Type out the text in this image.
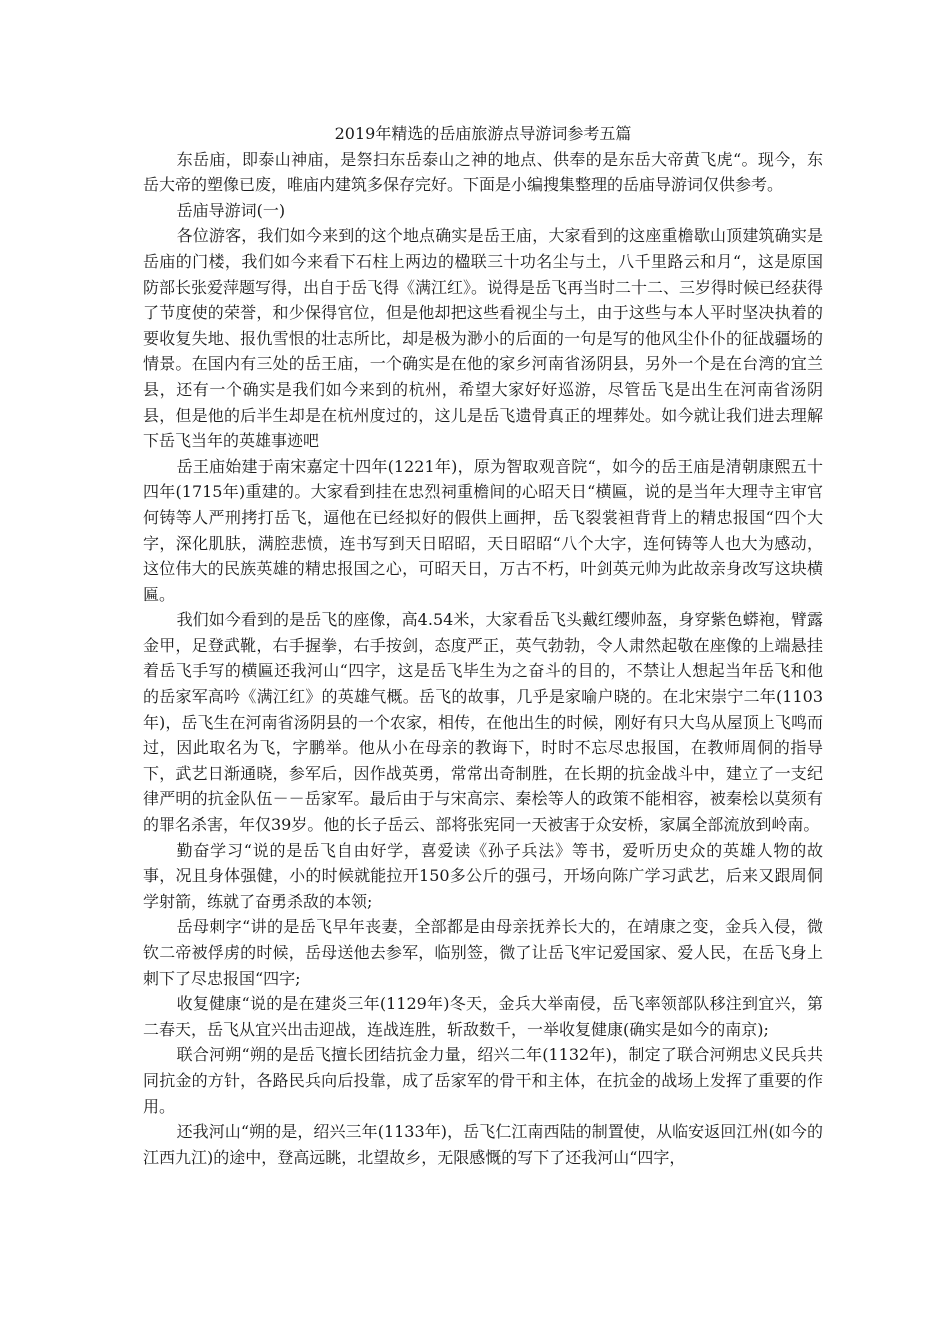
2019年精选的岳庙旅游点导游词参考五篇

东岳庙，即泰山神庙，是祭扫东岳泰山之神的地点、供奉的是东岳大帝黄飞虎“。现今，东岳大帝的塑像已废，唯庙内建筑多保存完好。下面是小编搜集整理的岳庙导游词仅供参考。

岳庙导游词(一)

各位游客，我们如今来到的这个地点确实是岳王庙，大家看到的这座重檐歇山顶建筑确实是岳庙的门楼，我们如今来看下石柱上两边的楹联三十功名尘与土，八千里路云和月“，这是原国防部长张爱萍题写得，出自于岳飞得《满江红》。说得是岳飞再当时二十二、三岁得时候已经获得了节度使的荣誉，和少保得官位，但是他却把这些看视尘与土，由于这些与本人平时坚决执着的要收复失地、报仇雪恨的壮志所比，却是极为渺小的后面的一句是写的他风尘仆仆的征战疆场的情景。在国内有三处的岳王庙，一个确实是在他的家乡河南省汤阴县，另外一个是在台湾的宜兰县，还有一个确实是我们如今来到的杭州，希望大家好好巡游，尽管岳飞是出生在河南省汤阴县，但是他的后半生却是在杭州度过的，这儿是岳飞遗骨真正的埋葬处。如今就让我们进去理解下岳飞当年的英雄事迹吧

岳王庙始建于南宋嘉定十四年(1221年)，原为智取观音院“，如今的岳王庙是清朝康熙五十四年(1715年)重建的。大家看到挂在忠烈祠重檐间的心昭天日“横匾，说的是当年大理寺主审官何铸等人严刑拷打岳飞，逼他在已经拟好的假供上画押，岳飞裂裳袒背背上的精忠报国“四个大字，深化肌肤，满腔悲愤，连书写到天日昭昭，天日昭昭“八个大字，连何铸等人也大为感动，这位伟大的民族英雄的精忠报国之心，可昭天日，万古不朽，叶剑英元帅为此故亲身改写这块横匾。

我们如今看到的是岳飞的座像，高4.54米，大家看岳飞头戴红缨帅盔，身穿紫色蟒袍，臂露金甲，足登武靴，右手握拳，右手按剑，态度严正，英气勃勃，令人肃然起敬在座像的上端悬挂着岳飞手写的横匾还我河山“四字，这是岳飞毕生为之奋斗的目的，不禁让人想起当年岳飞和他的岳家军高吟《满江红》的英雄气概。岳飞的故事，几乎是家喻户晓的。在北宋崇宁二年(1103年)，岳飞生在河南省汤阴县的一个农家，相传，在他出生的时候，刚好有只大鸟从屋顶上飞鸣而过，因此取名为飞，字鹏举。他从小在母亲的教诲下，时时不忘尽忠报国，在教师周侗的指导下，武艺日渐通晓，参军后，因作战英勇，常常出奇制胜，在长期的抗金战斗中，建立了一支纪律严明的抗金队伍－－岳家军。最后由于与宋高宗、秦桧等人的政策不能相容，被秦桧以莫须有的罪名杀害，年仅39岁。他的长子岳云、部将张宪同一天被害于众安桥，家属全部流放到岭南。

勤奋学习“说的是岳飞自由好学，喜爱读《孙子兵法》等书，爱听历史众的英雄人物的故事，况且身体强健，小的时候就能拉开150多公斤的强弓，开场向陈广学习武艺，后来又跟周侗学射箭，练就了奋勇杀敌的本领;

岳母刺字“讲的是岳飞早年丧妻，全部都是由母亲抚养长大的，在靖康之变，金兵入侵，微钦二帝被俘虏的时候，岳母送他去参军，临别签，微了让岳飞牢记爱国家、爱人民，在岳飞身上刺下了尽忠报国“四字;

收复健康“说的是在建炎三年(1129年)冬天，金兵大举南侵，岳飞率领部队移注到宜兴，第二春天，岳飞从宜兴出击迎战，连战连胜，斩敌数千，一举收复健康(确实是如今的南京);

联合河朔“朔的是岳飞擅长团结抗金力量，绍兴二年(1132年)，制定了联合河朔忠义民兵共同抗金的方针，各路民兵向后投靠，成了岳家军的骨干和主体，在抗金的战场上发挥了重要的作用。

还我河山“朔的是，绍兴三年(1133年)，岳飞仁江南西陆的制置使，从临安返回江州(如今的江西九江)的途中，登高远眺，北望故乡，无限感慨的写下了还我河山“四字，
